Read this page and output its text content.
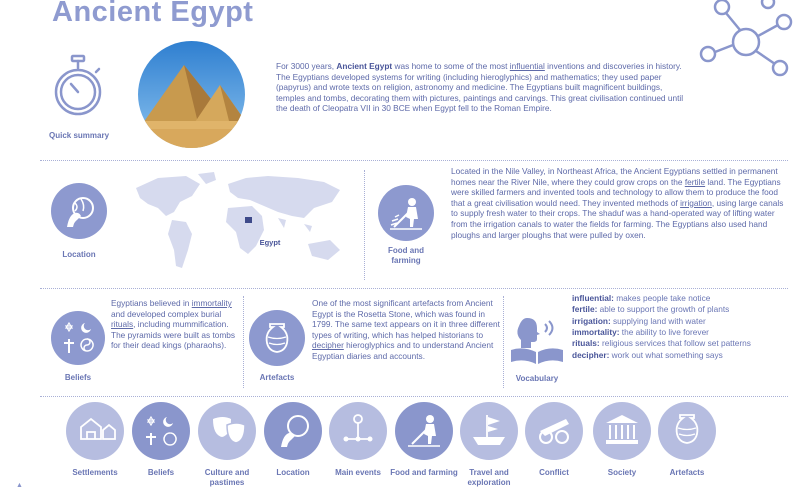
Ancient Egypt
Quick summary
For 3000 years, Ancient Egypt was home to some of the most influential inventions and discoveries in history. The Egyptians developed systems for writing (including hieroglyphics) and mathematics; they used paper (papyrus) and wrote texts on religion, astronomy and medicine. The Egyptians built magnificent buildings, temples and tombs, decorating them with pictures, paintings and carvings. This great civilisation continued until the death of Cleopatra VII in 30 BCE when Egypt fell to the Roman Empire.
Location
Egypt
Food and farming
Located in the Nile Valley, in Northeast Africa, the Ancient Egyptians settled in permanent homes near the River Nile, where they could grow crops on the fertile land. The Egyptians were skilled farmers and invented tools and technology to allow them to produce the food that a great civilisation would need. They invented methods of irrigation, using large canals to supply fresh water to their crops. The shaduf was a hand-operated way of lifting water from the irrigation canals to water the fields for farming. The Egyptians also used hand ploughs and larger ploughs that were pulled by oxen.
Beliefs
Egyptians believed in immortality and developed complex burial rituals, including mummification. The pyramids were built as tombs for their dead kings (pharaohs).
Artefacts
One of the most significant artefacts from Ancient Egypt is the Rosetta Stone, which was found in 1799. The same text appears on it in three different types of writing, which has helped historians to decipher hieroglyphics and to understand Ancient Egyptian diaries and accounts.
Vocabulary
influential: makes people take notice
fertile: able to support the growth of plants
irrigation: supplying land with water
immortality: the ability to live forever
rituals: religious services that follow set patterns
decipher: work out what something says
Settlements	Beliefs	Culture and pastimes
Location	Main events	Food and farming	Travel and exploration
Conflict	Society	Artefacts
▲
